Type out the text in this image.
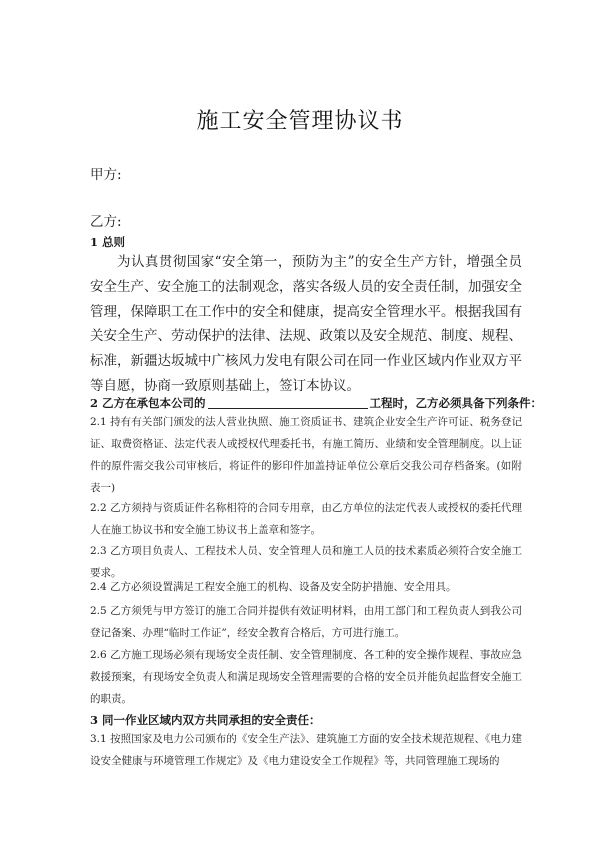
施工安全管理协议书
甲方:
乙方:
1 总则

为认真贯彻国家“安全第一，预防为主”的安全生产方针，增强全员安全生产、安全施工的法制观念，落实各级人员的安全责任制，加强安全管理，保障职工在工作中的安全和健康，提高安全管理水平。根据我国有关安全生产、劳动保护的法律、法规、政策以及安全规范、制度、规程、标准，新疆达坂城中广核风力发电有限公司在同一作业区域内作业双方平等自愿，协商一致原则基础上，签订本协议。

2 乙方在承包本公司的	工程时，乙方必须具备下列条件：

2.1 持有有关部门颁发的法人营业执照、施工资质证书、建筑企业安全生产许可证、税务登记证、取费资格证、法定代表人或授权代理委托书，有施工简历、业绩和安全管理制度。以上证件的原件需交我公司审核后，将证件的影印件加盖持证单位公章后交我公司存档备案。(如附表一)

2.2 乙方须持与资质证件名称相符的合同专用章，由乙方单位的法定代表人或授权的委托代理人在施工协议书和安全施工协议书上盖章和签字。

2.3 乙方项目负责人、工程技术人员、安全管理人员和施工人员的技术素质必须符合安全施工要求。

2.4 乙方必须设置满足工程安全施工的机构、设备及安全防护措施、安全用具。

2.5 乙方须凭与甲方签订的施工合同并提供有效证明材料，由用工部门和工程负责人到我公司登记备案、办理“临时工作证”，经安全教育合格后，方可进行施工。

2.6 乙方施工现场必须有现场安全责任制、安全管理制度、各工种的安全操作规程、事故应急救援预案，有现场安全负责人和满足现场安全管理需要的合格的安全员并能负起监督安全施工的职责。

3 同一作业区域内双方共同承担的安全责任：

3.1 按照国家及电力公司颁布的《安全生产法》、建筑施工方面的安全技术规范规程、《电力建设安全健康与环境管理工作规定》及《电力建设安全工作规程》等，共同管理施工现场的
